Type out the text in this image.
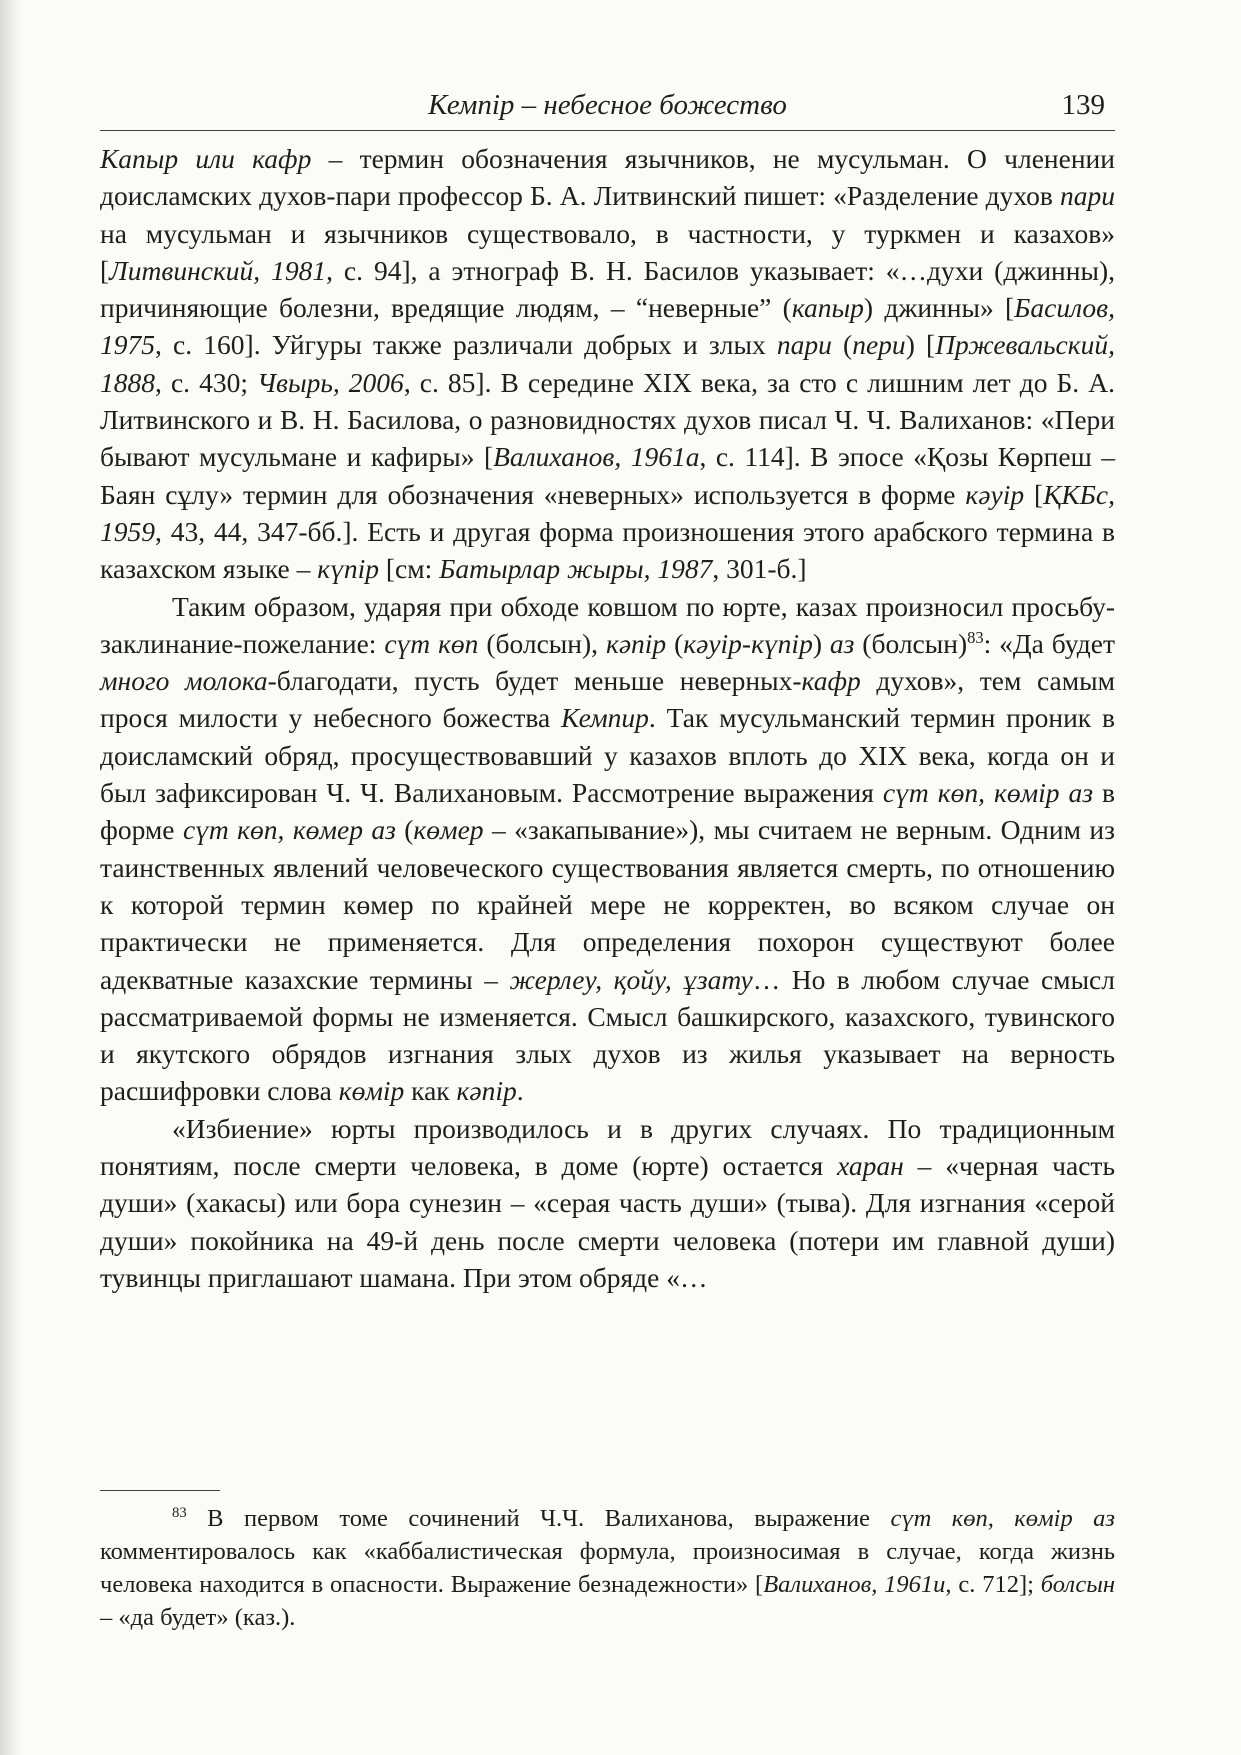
Кемпір – небесное божество	139

Капыр или кафр – термин обозначения язычников, не мусульман. О членении доисламских духов-пари профессор Б. А. Литвинский пишет: «Разделение духов пари на мусульман и язычников существовало, в частности, у туркмен и казахов» [Литвинский, 1981, с. 94], а этнограф В. Н. Басилов указывает: «…духи (джинны), причиняющие болезни, вредящие людям, – “неверные” (капыр) джинны» [Басилов, 1975, с. 160]. Уйгуры также различали добрых и злых пари (пери) [Пржевальский, 1888, с. 430; Чвырь, 2006, с. 85]. В середине XIX века, за сто с лишним лет до Б. А. Литвинского и В. Н. Басилова, о разновидностях духов писал Ч. Ч. Валиханов: «Пери бывают мусульмане и кафиры» [Валиханов, 1961а, с. 114]. В эпосе «Қозы Көрпеш – Баян сұлу» термин для обозначения «неверных» используется в форме кәуір [ҚКБс, 1959, 43, 44, 347-бб.]. Есть и другая форма произношения этого арабского термина в казахском языке – күпір [см: Батырлар жыры, 1987, 301-б.]

Таким образом, ударяя при обходе ковшом по юрте, казах произносил просьбу-заклинание-пожелание: сүт көп (болсын), кәпір (кәуір-күпір) аз (болсын)$^{83}$: «Да будет много молока-благодати, пусть будет меньше неверных-кафр духов», тем самым прося милости у небесного божества Кемпир. Так мусульманский термин проник в доисламский обряд, просуществовавший у казахов вплоть до XIX века, когда он и был зафиксирован Ч. Ч. Валихановым. Рассмотрение выражения сүт көп, көмір аз в форме сүт көп, көмер аз (көмер – «закапывание»), мы считаем не верным. Одним из таинственных явлений человеческого существования является смерть, по отношению к которой термин көмер по крайней мере не корректен, во всяком случае он практически не применяется. Для определения похорон существуют более адекватные казахские термины – жерлеу, қойу, ұзату… Но в любом случае смысл рассматриваемой формы не изменяется. Смысл башкирского, казахского, тувинского и якутского обрядов изгнания злых духов из жилья указывает на верность расшифровки слова көмір как кәпір.

«Избиение» юрты производилось и в других случаях. По традиционным понятиям, после смерти человека, в доме (юрте) остается харан – «черная часть души» (хакасы) или бора сунезин – «серая часть души» (тыва). Для изгнания «серой души» покойника на 49-й день после смерти человека (потери им главной души) тувинцы приглашают шамана. При этом обряде «…

$^{83}$ В первом томе сочинений Ч.Ч. Валиханова, выражение сүт көп, көмір аз комментировалось как «каббалистическая формула, произносимая в случае, когда жизнь человека находится в опасности. Выражение безнадежности» [Валиханов, 1961и, с. 712]; болсын – «да будет» (каз.).
